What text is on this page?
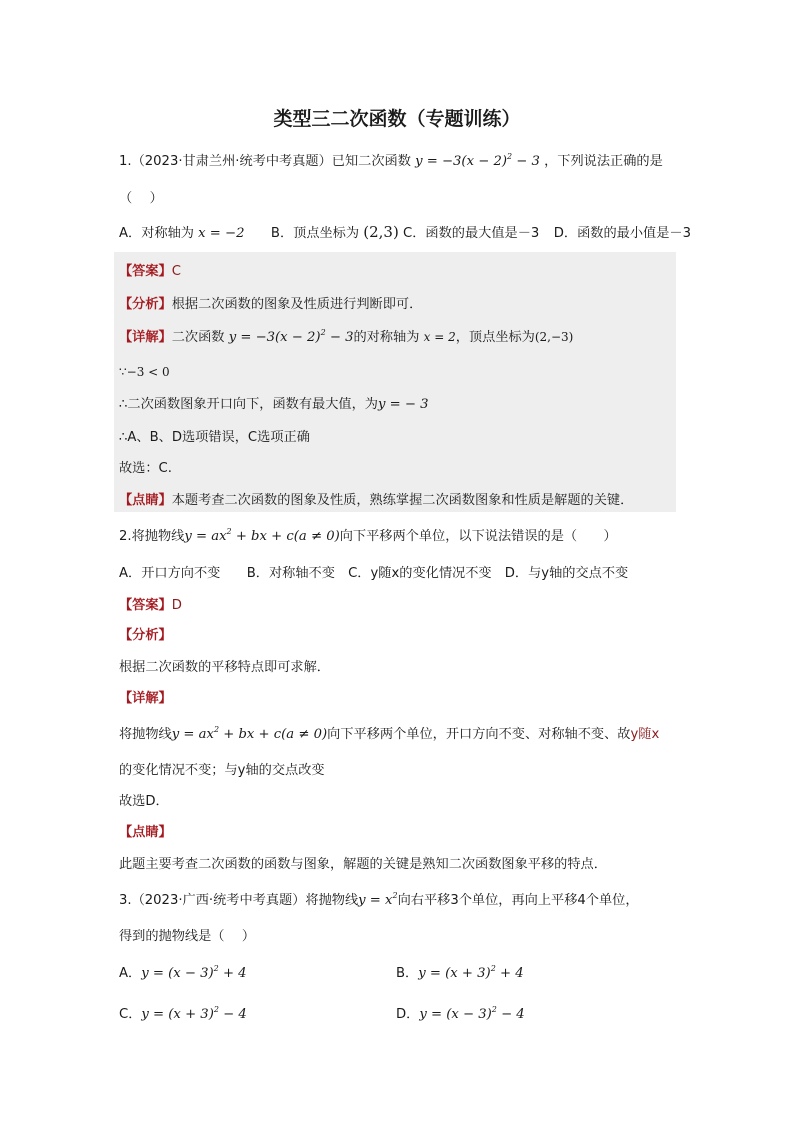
类型三二次函数（专题训练）
1.（2023·甘肃兰州·统考中考真题）已知二次函数 $y = -3(x - 2)^2 - 3$ ，下列说法正确的是
（　 ）
A．对称轴为 x = −2 B．顶点坐标为 (2,3) C．函数的最大值是－3 D．函数的最小值是－3
【答案】C
【分析】根据二次函数的图象及性质进行判断即可．
【详解】二次函数 $y = -3(x - 2)^2 - 3$的对称轴为 x = 2，顶点坐标为(2,−3)
∵−3 < 0
∴二次函数图象开口向下，函数有最大值，为y = − 3
∴A、B、D选项错误，C选项正确
故选：C.
【点睛】本题考查二次函数的图象及性质，熟练掌握二次函数图象和性质是解题的关键．
2.将抛物线$y = ax^2$ + bx + c(a ≠ 0)向下平移两个单位，以下说法错误的是（　　）
A．开口方向不变　　B．对称轴不变　C．y随x的变化情况不变　D．与y轴的交点不变
【答案】D
【分析】
根据二次函数的平移特点即可求解．
【详解】
将抛物线$y = ax^2$ + bx + c(a ≠ 0)向下平移两个单位，开口方向不变、对称轴不变、故y随x
的变化情况不变；与y轴的交点改变
故选D．
【点睛】
此题主要考查二次函数的函数与图象，解题的关键是熟知二次函数图象平移的特点．
3.（2023·广西·统考中考真题）将抛物线$y = x^2$向右平移3个单位，再向上平移4个单位，
得到的抛物线是（　 ）
A．$y = (x - 3)^2 + 4$	B．$y = (x + 3)^2 + 4$
C．$y = (x + 3)^2 - 4$	D．$y = (x - 3)^2 - 4$
